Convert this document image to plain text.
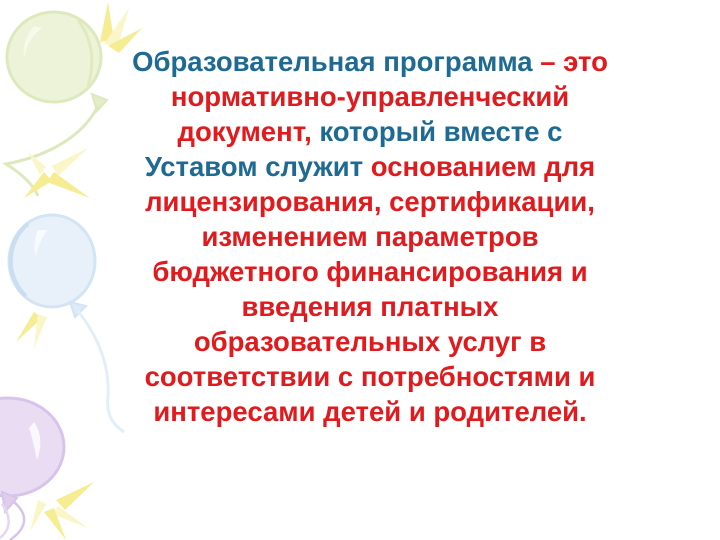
Образовательная программа – это
нормативно-управленческий
документ, который вместе с
Уставом служит основанием для
лицензирования, сертификации,
изменением параметров
бюджетного финансирования и
введения платных
образовательных услуг в
соответствии с потребностями и
интересами детей и родителей.
